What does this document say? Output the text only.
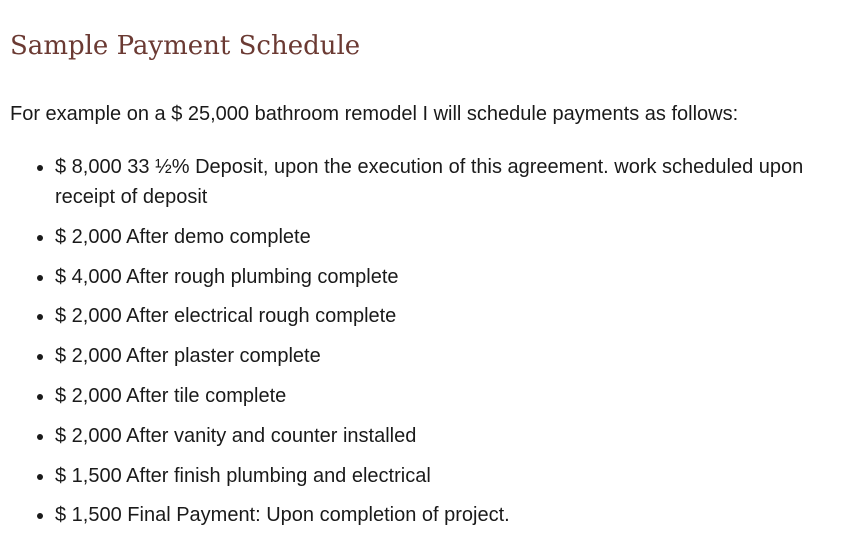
Sample Payment Schedule

For example on a $ 25,000 bathroom remodel I will schedule payments as follows:

• $ 8,000 33 ½% Deposit, upon the execution of this agreement. work scheduled upon receipt of deposit
• $ 2,000 After demo complete
• $ 4,000 After rough plumbing complete
• $ 2,000 After electrical rough complete
• $ 2,000 After plaster complete
• $ 2,000 After tile complete
• $ 2,000 After vanity and counter installed
• $ 1,500 After finish plumbing and electrical
• $ 1,500 Final Payment: Upon completion of project.
